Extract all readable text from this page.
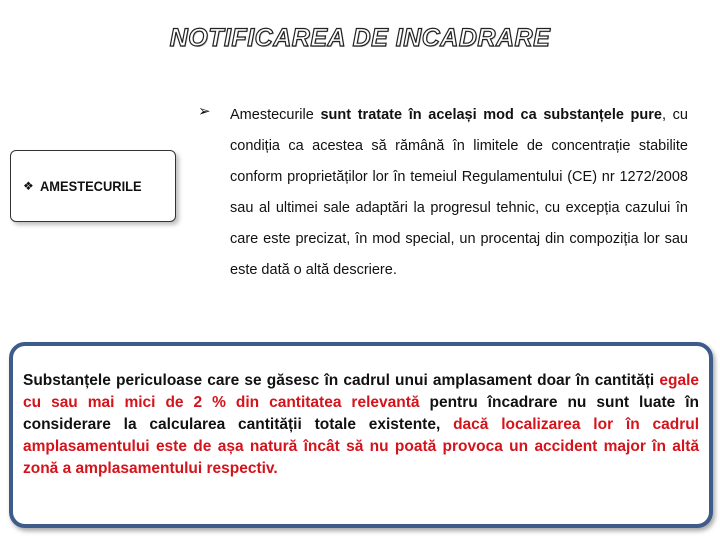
NOTIFICAREA DE INCADRARE
❖ AMESTECURILE
➢ Amestecurile sunt tratate în același mod ca substanțele pure, cu condiția ca acestea să rămână în limitele de concentrație stabilite conform proprietăților lor în temeiul Regulamentului (CE) nr 1272/2008 sau al ultimei sale adaptări la progresul tehnic, cu excepția cazului în care este precizat, în mod special, un procentaj din compoziția lor sau este dată o altă descriere.
Substanțele periculoase care se găsesc în cadrul unui amplasament doar în cantități egale cu sau mai mici de 2 % din cantitatea relevantă pentru încadrare nu sunt luate în considerare la calcularea cantității totale existente, dacă localizarea lor în cadrul amplasamentului este de așa natură încât să nu poată provoca un accident major în altă zonă a amplasamentului respectiv.
